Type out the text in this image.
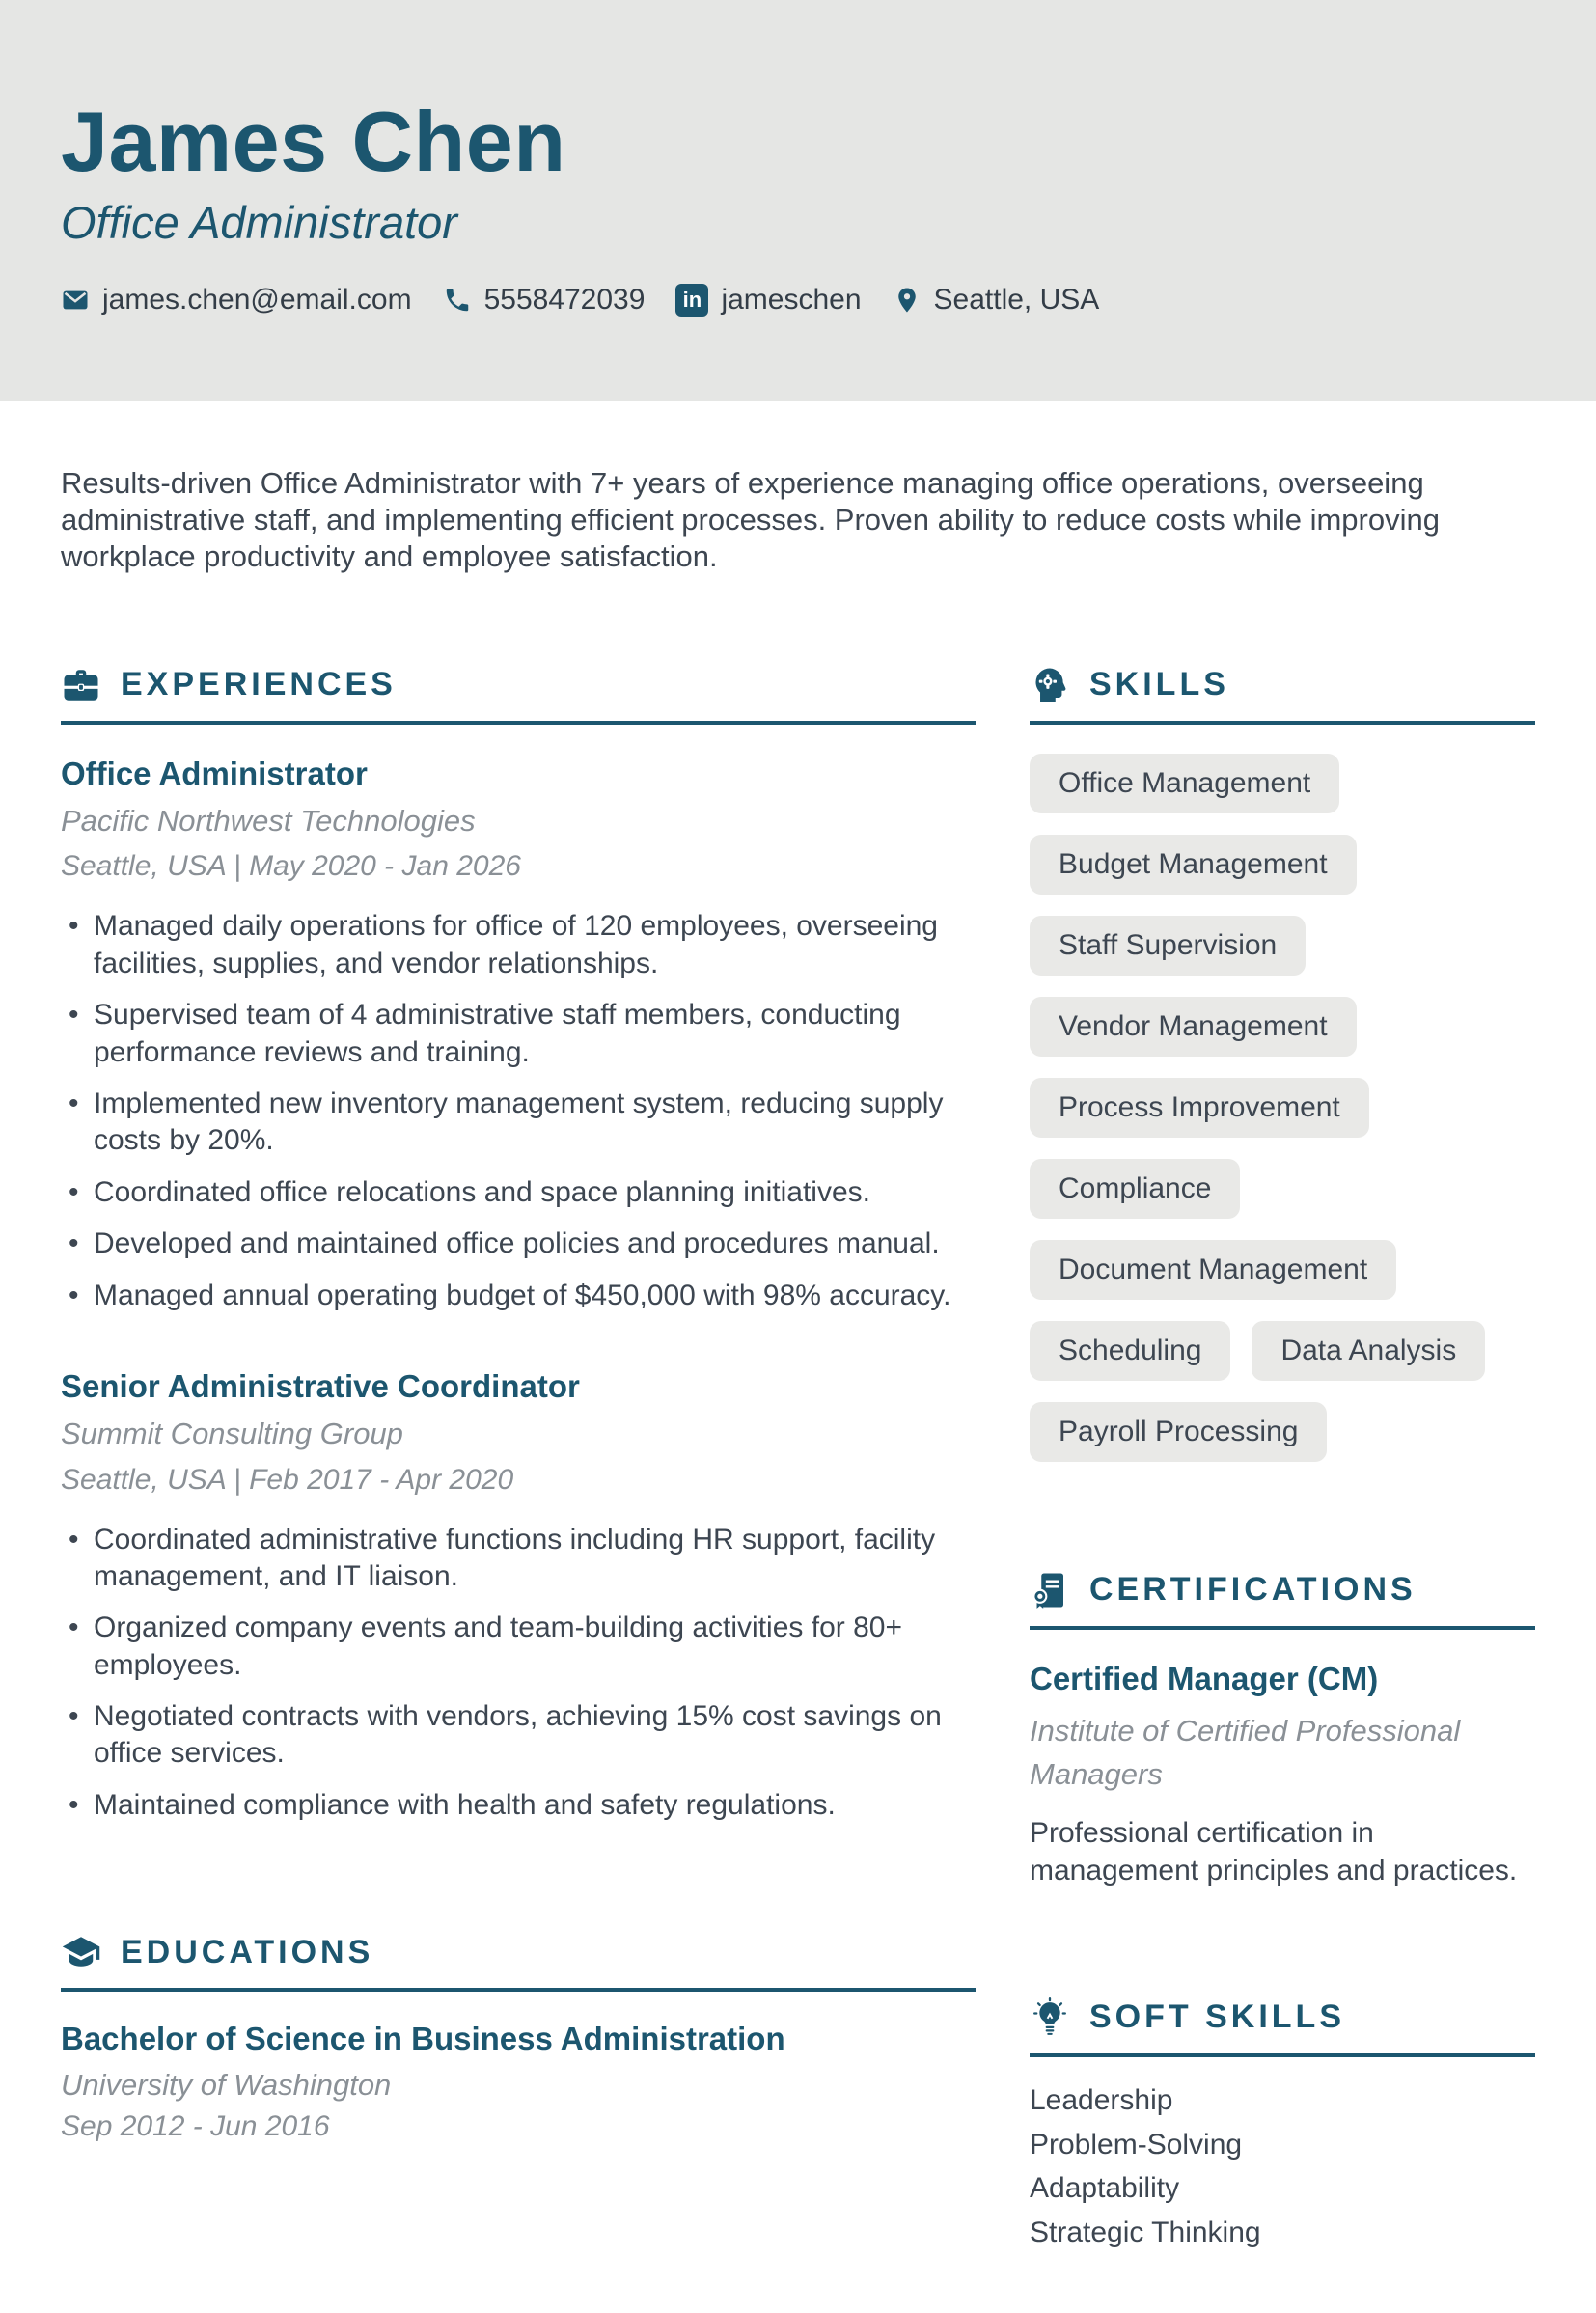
James Chen
Office Administrator
james.chen@email.com	5558472039 in	jameschen	Seattle, USA

Results-driven Office Administrator with 7+ years of experience managing office operations, overseeing administrative staff, and implementing efficient processes. Proven ability to reduce costs while improving workplace productivity and employee satisfaction.

EXPERIENCES
Office Administrator
Pacific Northwest Technologies
Seattle, USA | May 2020 - Jan 2026
• Managed daily operations for office of 120 employees, overseeing facilities, supplies, and vendor relationships.
• Supervised team of 4 administrative staff members, conducting performance reviews and training.
• Implemented new inventory management system, reducing supply costs by 20%.
• Coordinated office relocations and space planning initiatives.
• Developed and maintained office policies and procedures manual.
• Managed annual operating budget of $450,000 with 98% accuracy.
Senior Administrative Coordinator
Summit Consulting Group
Seattle, USA | Feb 2017 - Apr 2020
• Coordinated administrative functions including HR support, facility management, and IT liaison.
• Organized company events and team-building activities for 80+ employees.
• Negotiated contracts with vendors, achieving 15% cost savings on office services.
• Maintained compliance with health and safety regulations.
EDUCATIONS
Bachelor of Science in Business Administration
University of Washington
Sep 2012 - Jun 2016
SKILLS
Office Management
Budget Management
Staff Supervision
Vendor Management
Process Improvement
Compliance
Document Management
Scheduling	Data Analysis
Payroll Processing
CERTIFICATIONS
Certified Manager (CM)
Institute of Certified Professional Managers
Professional certification in management principles and practices.
SOFT SKILLS
Leadership
Problem-Solving
Adaptability
Strategic Thinking
